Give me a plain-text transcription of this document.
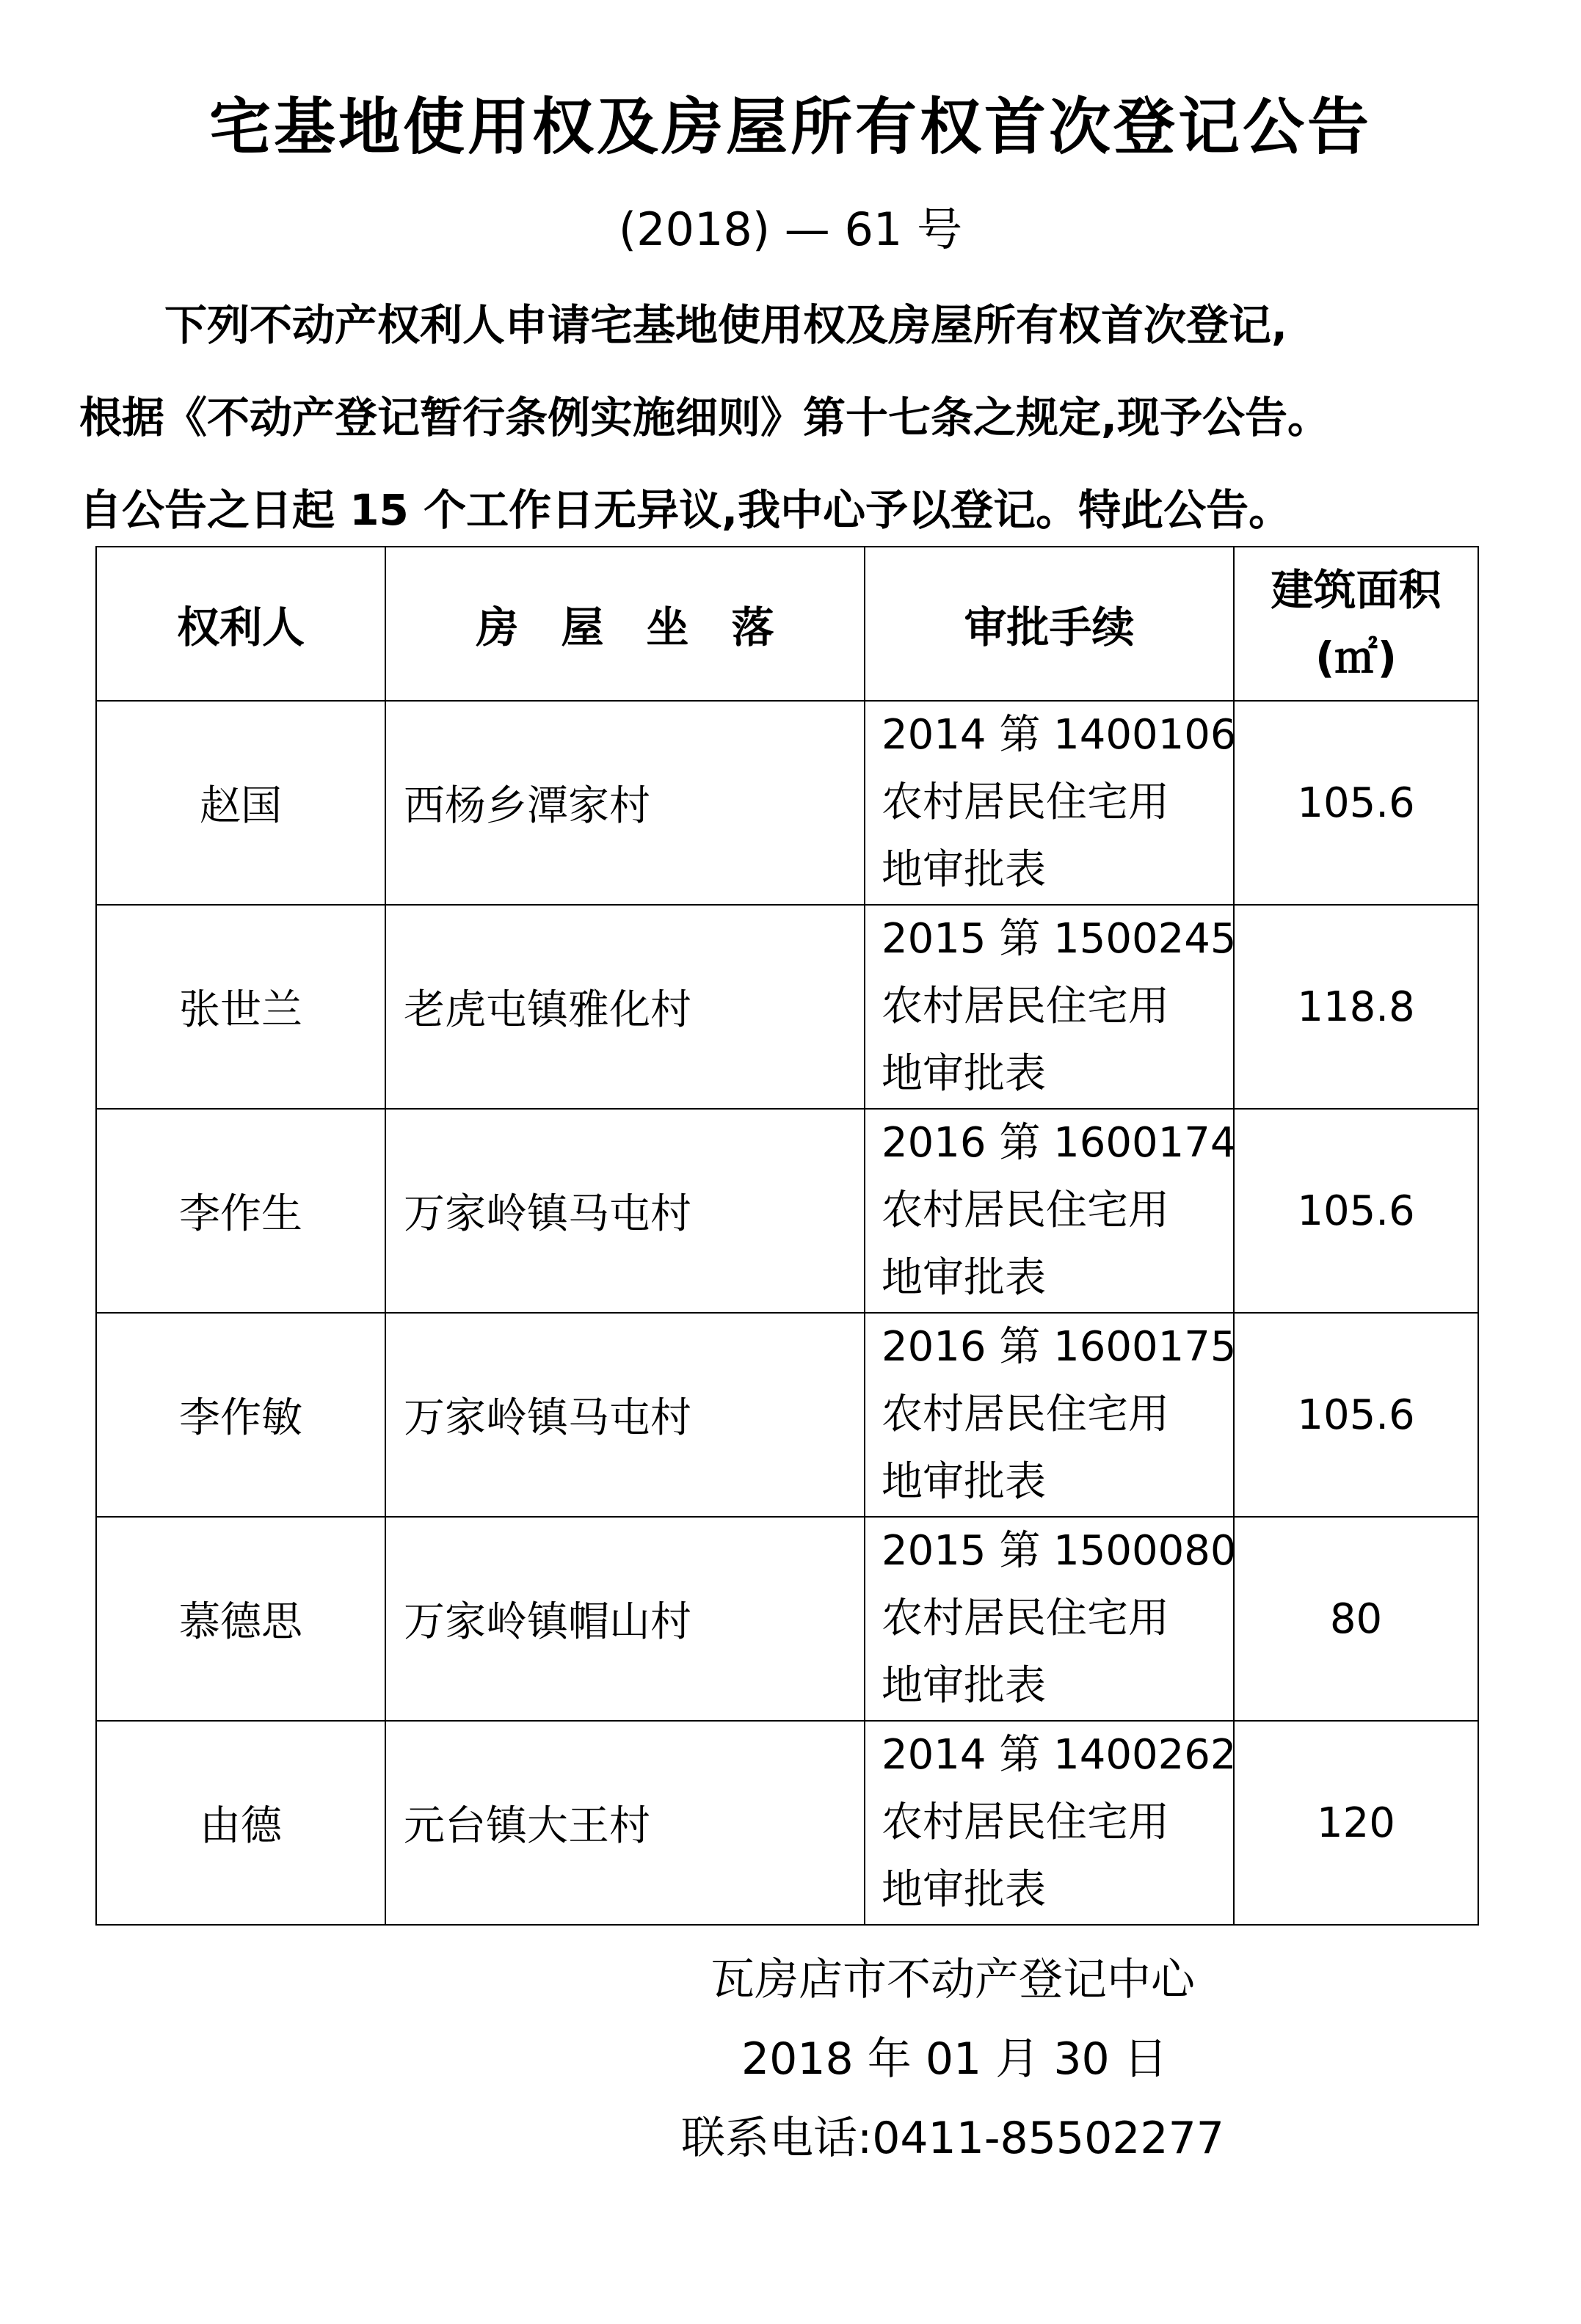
宅基地使用权及房屋所有权首次登记公告
(2018) — 61 号

下列不动产权利人申请宅基地使用权及房屋所有权首次登记,

根据《不动产登记暂行条例实施细则》第十七条之规定,现予公告。

自公告之日起 15 个工作日无异议,我中心予以登记。特此公告。

权利人	房　屋　坐　落	审批手续	建筑面积
(㎡)

赵国	西杨乡潭家村	2014 第 1400106
农村居民住宅用
地审批表	105.6
张世兰	老虎屯镇雅化村	2015 第 1500245
农村居民住宅用
地审批表	118.8
李作生	万家岭镇马屯村	2016 第 1600174
农村居民住宅用
地审批表	105.6
李作敏	万家岭镇马屯村	2016 第 1600175
农村居民住宅用
地审批表	105.6
慕德思	万家岭镇帽山村	2015 第 1500080
农村居民住宅用
地审批表	80
由德	元台镇大王村	2014 第 1400262
农村居民住宅用
地审批表	120
瓦房店市不动产登记中心
2018 年 01 月 30 日
联系电话:0411-85502277
